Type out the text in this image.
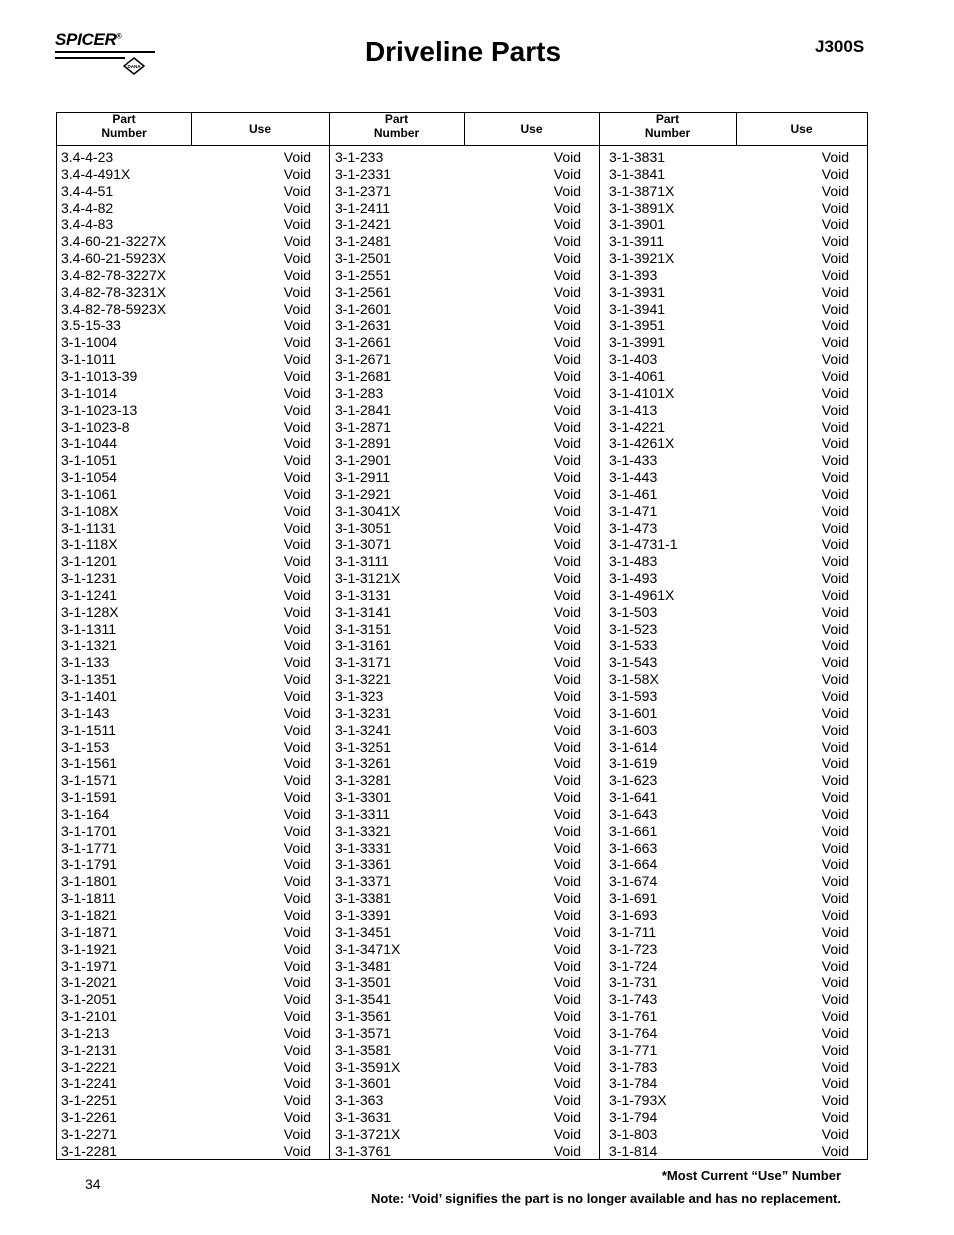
SPICER®
DANA	Driveline Parts	J300S
Part
Number	Use
Part
Number	Use
Part
Number	Use
3.4-4-23	Void
3.4-4-491X	Void
3.4-4-51	Void
3.4-4-82	Void
3.4-4-83	Void
3.4-60-21-3227X	Void
3.4-60-21-5923X	Void
3.4-82-78-3227X	Void
3.4-82-78-3231X	Void
3.4-82-78-5923X	Void
3.5-15-33	Void
3-1-1004	Void
3-1-1011	Void
3-1-1013-39	Void
3-1-1014	Void
3-1-1023-13	Void
3-1-1023-8	Void
3-1-1044	Void
3-1-1051	Void
3-1-1054	Void
3-1-1061	Void
3-1-108X	Void
3-1-1131	Void
3-1-118X	Void
3-1-1201	Void
3-1-1231	Void
3-1-1241	Void
3-1-128X	Void
3-1-1311	Void
3-1-1321	Void
3-1-133	Void
3-1-1351	Void
3-1-1401	Void
3-1-143	Void
3-1-1511	Void
3-1-153	Void
3-1-1561	Void
3-1-1571	Void
3-1-1591	Void
3-1-164	Void
3-1-1701	Void
3-1-1771	Void
3-1-1791	Void
3-1-1801	Void
3-1-1811	Void
3-1-1821	Void
3-1-1871	Void
3-1-1921	Void
3-1-1971	Void
3-1-2021	Void
3-1-2051	Void
3-1-2101	Void
3-1-213	Void
3-1-2131	Void
3-1-2221	Void
3-1-2241	Void
3-1-2251	Void
3-1-2261	Void
3-1-2271	Void
3-1-2281	Void
3-1-233	Void
3-1-2331	Void
3-1-2371	Void
3-1-2411	Void
3-1-2421	Void
3-1-2481	Void
3-1-2501	Void
3-1-2551	Void
3-1-2561	Void
3-1-2601	Void
3-1-2631	Void
3-1-2661	Void
3-1-2671	Void
3-1-2681	Void
3-1-283	Void
3-1-2841	Void
3-1-2871	Void
3-1-2891	Void
3-1-2901	Void
3-1-2911	Void
3-1-2921	Void
3-1-3041X	Void
3-1-3051	Void
3-1-3071	Void
3-1-3111	Void
3-1-3121X	Void
3-1-3131	Void
3-1-3141	Void
3-1-3151	Void
3-1-3161	Void
3-1-3171	Void
3-1-3221	Void
3-1-323	Void
3-1-3231	Void
3-1-3241	Void
3-1-3251	Void
3-1-3261	Void
3-1-3281	Void
3-1-3301	Void
3-1-3311	Void
3-1-3321	Void
3-1-3331	Void
3-1-3361	Void
3-1-3371	Void
3-1-3381	Void
3-1-3391	Void
3-1-3451	Void
3-1-3471X	Void
3-1-3481	Void
3-1-3501	Void
3-1-3541	Void
3-1-3561	Void
3-1-3571	Void
3-1-3581	Void
3-1-3591X	Void
3-1-3601	Void
3-1-363	Void
3-1-3631	Void
3-1-3721X	Void
3-1-3761	Void
3-1-3831	Void
3-1-3841	Void
3-1-3871X	Void
3-1-3891X	Void
3-1-3901	Void
3-1-3911	Void
3-1-3921X	Void
3-1-393	Void
3-1-3931	Void
3-1-3941	Void
3-1-3951	Void
3-1-3991	Void
3-1-403	Void
3-1-4061	Void
3-1-4101X	Void
3-1-413	Void
3-1-4221	Void
3-1-4261X	Void
3-1-433	Void
3-1-443	Void
3-1-461	Void
3-1-471	Void
3-1-473	Void
3-1-4731-1	Void
3-1-483	Void
3-1-493	Void
3-1-4961X	Void
3-1-503	Void
3-1-523	Void
3-1-533	Void
3-1-543	Void
3-1-58X	Void
3-1-593	Void
3-1-601	Void
3-1-603	Void
3-1-614	Void
3-1-619	Void
3-1-623	Void
3-1-641	Void
3-1-643	Void
3-1-661	Void
3-1-663	Void
3-1-664	Void
3-1-674	Void
3-1-691	Void
3-1-693	Void
3-1-711	Void
3-1-723	Void
3-1-724	Void
3-1-731	Void
3-1-743	Void
3-1-761	Void
3-1-764	Void
3-1-771	Void
3-1-783	Void
3-1-784	Void
3-1-793X	Void
3-1-794	Void
3-1-803	Void
3-1-814	Void
34
*Most Current “Use” Number
Note: ‘Void’ signifies the part is no longer available and has no replacement.
